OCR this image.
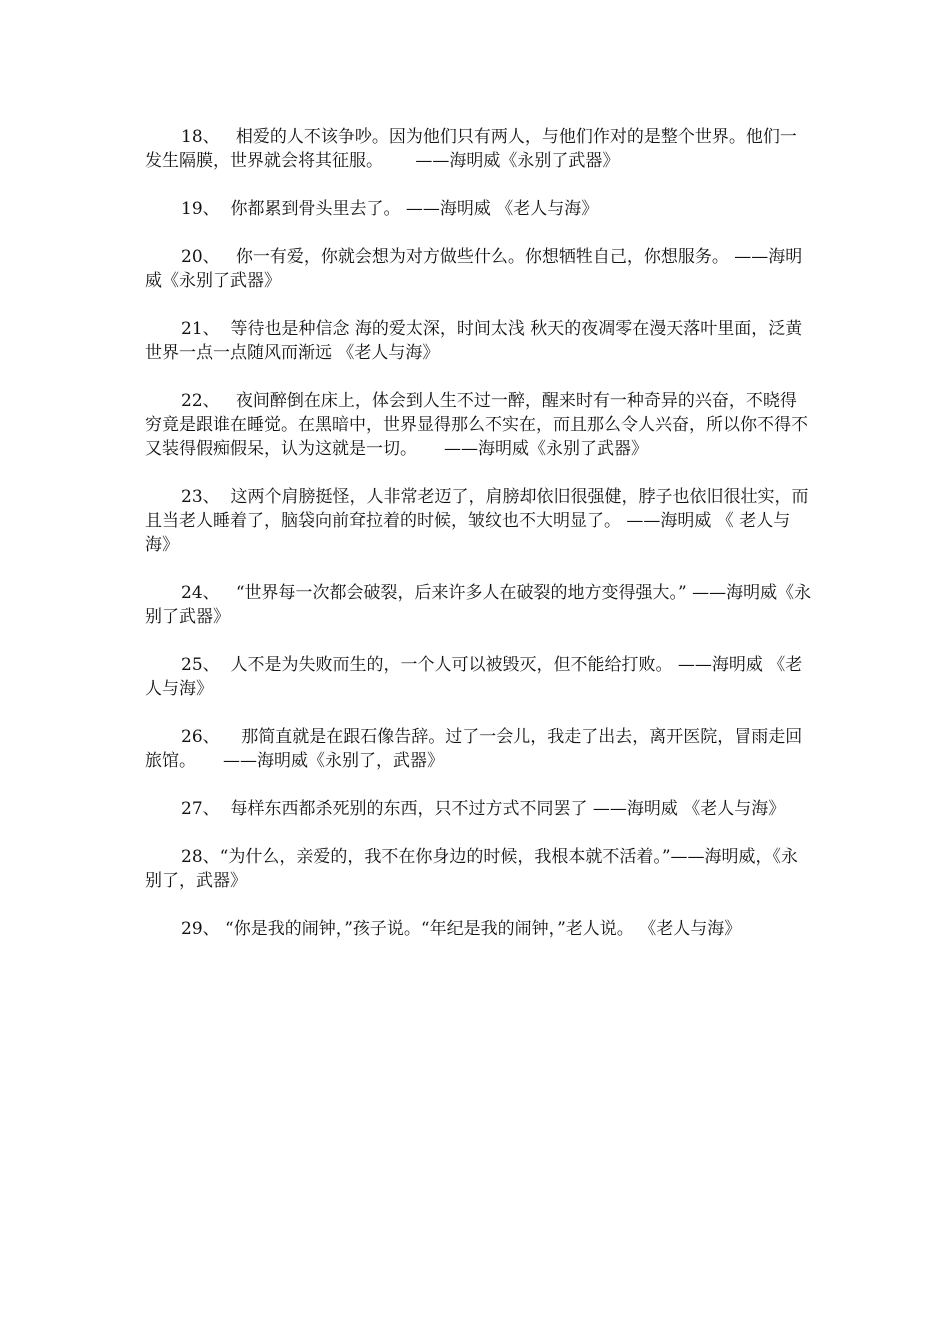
18、   相爱的人不该争吵。因为他们只有两人，与他们作对的是整个世界。他们一发生隔膜，世界就会将其征服。      ——海明威《永别了武器》

19、  你都累到骨头里去了。 ——海明威 《老人与海》

20、   你一有爱，你就会想为对方做些什么。你想牺牲自己，你想服务。 ——海明威《永别了武器》

21、  等待也是种信念 海的爱太深，时间太浅 秋天的夜凋零在漫天落叶里面，泛黄世界一点一点随风而渐远 《老人与海》

22、   夜间醉倒在床上，体会到人生不过一醉，醒来时有一种奇异的兴奋，不晓得穷竟是跟谁在睡觉。在黑暗中，世界显得那么不实在，而且那么令人兴奋，所以你不得不又装得假痴假呆，认为这就是一切。     ——海明威《永别了武器》

23、  这两个肩膀挺怪，人非常老迈了，肩膀却依旧很强健，脖子也依旧很壮实，而且当老人睡着了，脑袋向前耷拉着的时候，皱纹也不大明显了。 ——海明威 《 老人与海》

24、   “世界每一次都会破裂，后来许多人在破裂的地方变得强大。” ——海明威《永别了武器》

25、  人不是为失败而生的，一个人可以被毁灭，但不能给打败。 ——海明威 《老人与海》

26、    那简直就是在跟石像告辞。过了一会儿，我走了出去，离开医院，冒雨走回旅馆。     ——海明威《永别了，武器》

27、  每样东西都杀死别的东西，只不过方式不同罢了 ——海明威 《老人与海》

28、“为什么，亲爱的，我不在你身边的时候，我根本就不活着。”——海明威，《永别了，武器》

29、 “你是我的闹钟，”孩子说。“年纪是我的闹钟，”老人说。 《老人与海》
